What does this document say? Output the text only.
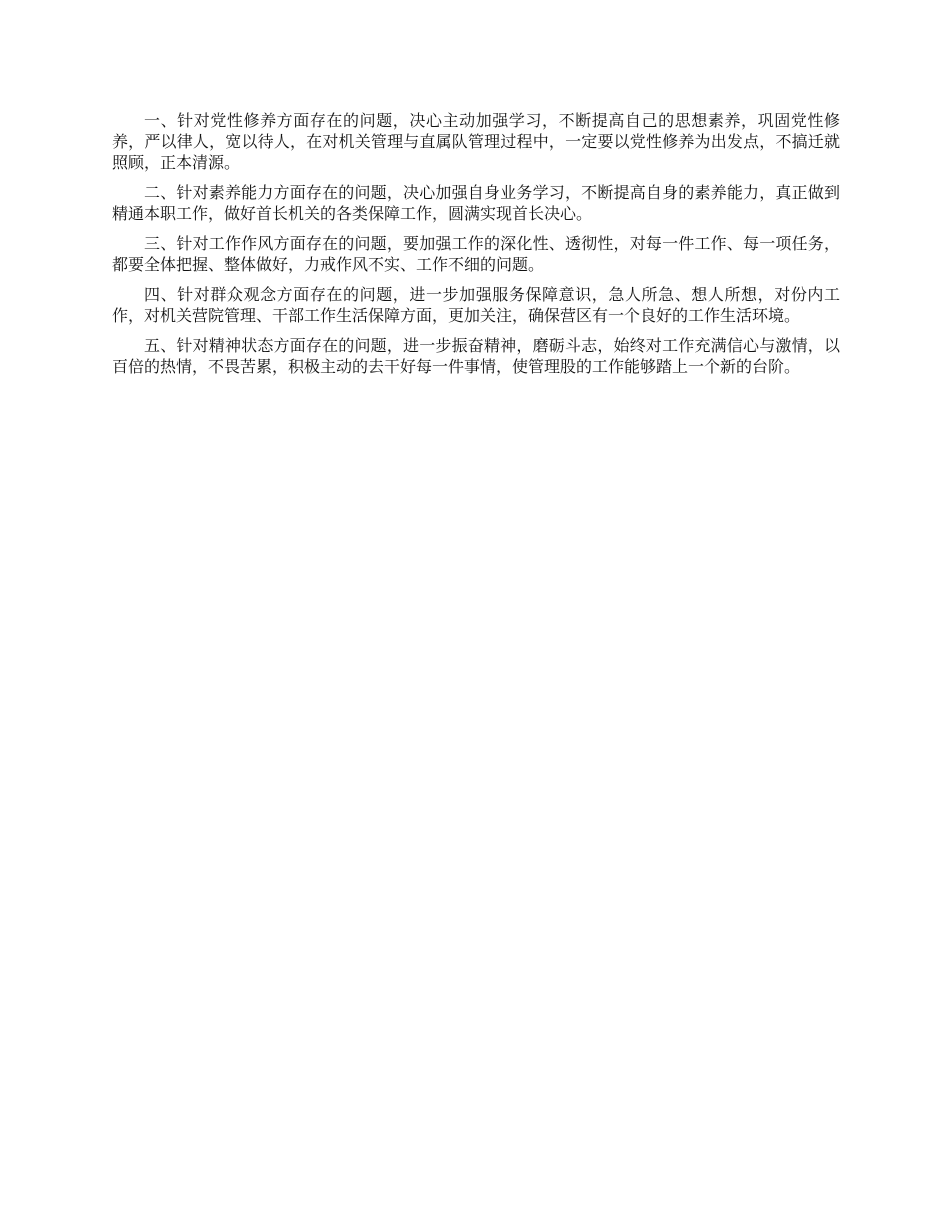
一、针对党性修养方面存在的问题，决心主动加强学习，不断提高自己的思想素养，巩固党性修养，严以律人，宽以待人，在对机关管理与直属队管理过程中，一定要以党性修养为出发点，不搞迁就照顾，正本清源。

二、针对素养能力方面存在的问题，决心加强自身业务学习，不断提高自身的素养能力，真正做到精通本职工作，做好首长机关的各类保障工作，圆满实现首长决心。

三、针对工作作风方面存在的问题，要加强工作的深化性、透彻性，对每一件工作、每一项任务，都要全体把握、整体做好，力戒作风不实、工作不细的问题。

四、针对群众观念方面存在的问题，进一步加强服务保障意识，急人所急、想人所想，对份内工作，对机关营院管理、干部工作生活保障方面，更加关注，确保营区有一个良好的工作生活环境。

五、针对精神状态方面存在的问题，进一步振奋精神，磨砺斗志，始终对工作充满信心与激情，以百倍的热情，不畏苦累，积极主动的去干好每一件事情，使管理股的工作能够踏上一个新的台阶。
